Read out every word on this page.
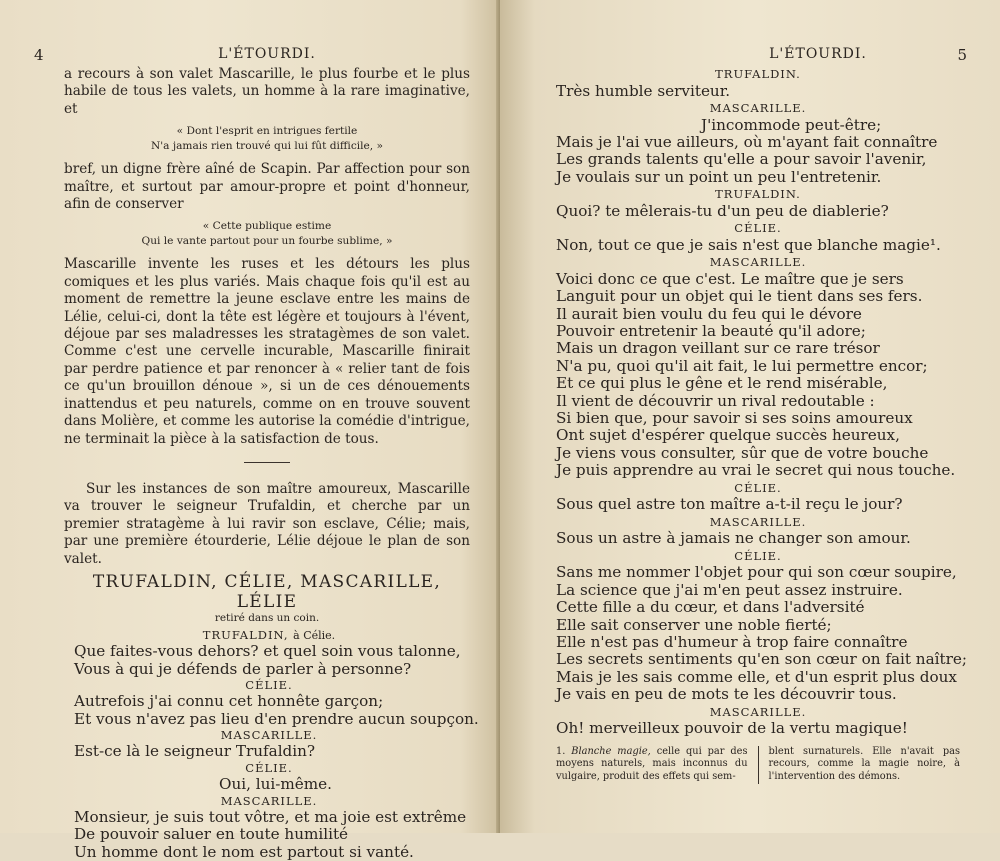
4	L'ÉTOURDI.

a recours à son valet Mascarille, le plus fourbe et le plus habile de tous les valets, un homme à la rare imaginative, et

« Dont l'esprit en intrigues fertile
N'a jamais rien trouvé qui lui fût difficile, »

bref, un digne frère aîné de Scapin. Par affection pour son maître, et surtout par amour-propre et point d'honneur, afin de conserver

« Cette publique estime
Qui le vante partout pour un fourbe sublime, »

Mascarille invente les ruses et les détours les plus comiques et les plus variés. Mais chaque fois qu'il est au moment de remettre la jeune esclave entre les mains de Lélie, celui-ci, dont la tête est légère et toujours à l'évent, déjoue par ses maladresses les stratagèmes de son valet. Comme c'est une cervelle incurable, Mascarille finirait par perdre patience et par renoncer à « relier tant de fois ce qu'un brouillon dénoue », si un de ces dénouements inattendus et peu naturels, comme on en trouve souvent dans Molière, et comme les autorise la comédie d'intrigue, ne terminait la pièce à la satisfaction de tous.

Sur les instances de son maître amoureux, Mascarille va trouver le seigneur Trufaldin, et cherche par un premier stratagème à lui ravir son esclave, Célie; mais, par une première étourderie, Lélie déjoue le plan de son valet.

TRUFALDIN, CÉLIE, MASCARILLE, LÉLIE
retiré dans un coin.
TRUFALDIN, à Célie.
Que faites-vous dehors? et quel soin vous talonne,
Vous à qui je défends de parler à personne?
CÉLIE.
Autrefois j'ai connu cet honnête garçon;
Et vous n'avez pas lieu d'en prendre aucun soupçon.
MASCARILLE.
Est-ce là le seigneur Trufaldin?
CÉLIE.
Oui, lui-même.
MASCARILLE.
Monsieur, je suis tout vôtre, et ma joie est extrême
De pouvoir saluer en toute humilité
Un homme dont le nom est partout si vanté.
L'ÉTOURDI.	5
TRUFALDIN.
Très humble serviteur.
MASCARILLE.
J'incommode peut-être;
Mais je l'ai vue ailleurs, où m'ayant fait connaître
Les grands talents qu'elle a pour savoir l'avenir,
Je voulais sur un point un peu l'entretenir.
TRUFALDIN.
Quoi? te mêlerais-tu d'un peu de diablerie?
CÉLIE.
Non, tout ce que je sais n'est que blanche magie¹.
MASCARILLE.
Voici donc ce que c'est. Le maître que je sers
Languit pour un objet qui le tient dans ses fers.
Il aurait bien voulu du feu qui le dévore
Pouvoir entretenir la beauté qu'il adore;
Mais un dragon veillant sur ce rare trésor
N'a pu, quoi qu'il ait fait, le lui permettre encor;
Et ce qui plus le gêne et le rend misérable,
Il vient de découvrir un rival redoutable :
Si bien que, pour savoir si ses soins amoureux
Ont sujet d'espérer quelque succès heureux,
Je viens vous consulter, sûr que de votre bouche
Je puis apprendre au vrai le secret qui nous touche.
CÉLIE.
Sous quel astre ton maître a-t-il reçu le jour?
MASCARILLE.
Sous un astre à jamais ne changer son amour.
CÉLIE.
Sans me nommer l'objet pour qui son cœur soupire,
La science que j'ai m'en peut assez instruire.
Cette fille a du cœur, et dans l'adversité
Elle sait conserver une noble fierté;
Elle n'est pas d'humeur à trop faire connaître
Les secrets sentiments qu'en son cœur on fait naître;
Mais je les sais comme elle, et d'un esprit plus doux
Je vais en peu de mots te les découvrir tous.
MASCARILLE.
Oh! merveilleux pouvoir de la vertu magique!
1. Blanche magie, celle qui par des moyens naturels, mais inconnus du vulgaire, produit des effets qui sem-
blent surnaturels. Elle n'avait pas recours, comme la magie noire, à l'intervention des démons.
